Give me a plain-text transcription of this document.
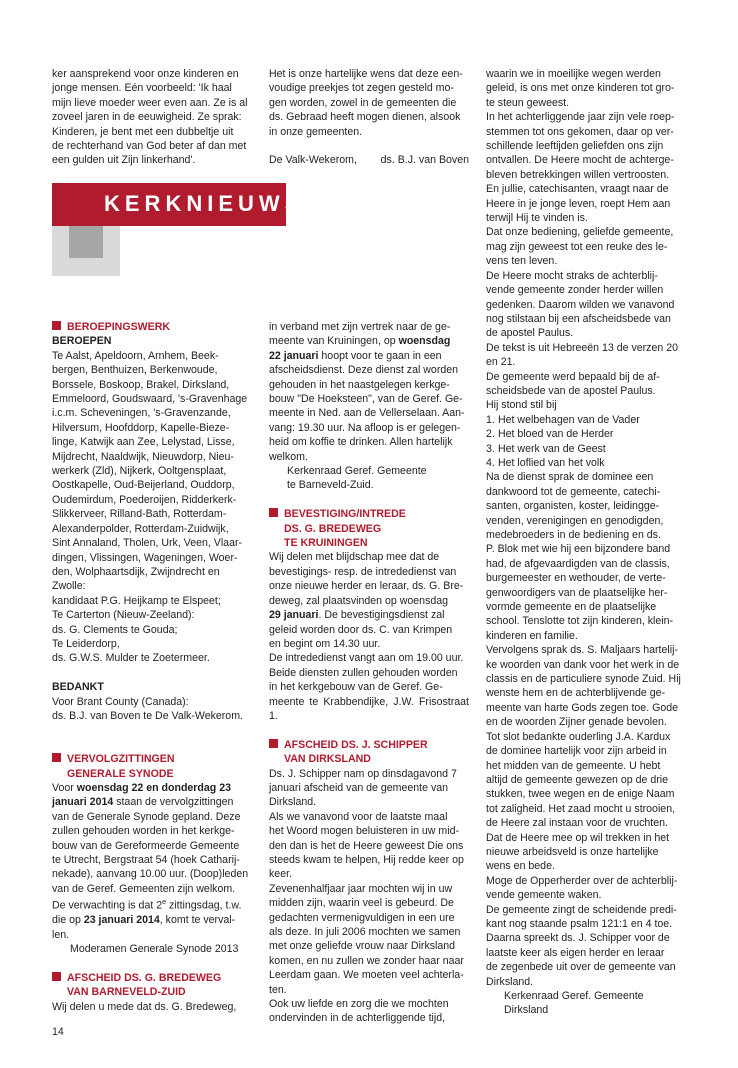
KERKNIEUWS

ker aansprekend voor onze kinderen en

jonge mensen. Eén voorbeeld: 'Ik haal

mijn lieve moeder weer even aan. Ze is al

zoveel jaren in de eeuwigheid. Ze sprak:

Kinderen, je bent met een dubbeltje uit

de rechterhand van God beter af dan met

een gulden uit Zijn linkerhand'.

BEROEPINGSWERK

BEROEPEN

Te Aalst, Apeldoorn, Arnhem, Beek-

bergen, Benthuizen, Berkenwoude,

Borssele, Boskoop, Brakel, Dirksland,

Emmeloord, Goudswaard, 's-Gravenhage

i.c.m. Scheveningen, 's-Gravenzande,

Hilversum, Hoofddorp, Kapelle-Bieze-

linge, Katwijk aan Zee, Lelystad, Lisse,

Mijdrecht, Naaldwijk, Nieuwdorp, Nieu-

werkerk (Zld), Nijkerk, Ooltgensplaat,

Oostkapelle, Oud-Beijerland, Ouddorp,

Oudemirdum, Poederoijen, Ridderkerk-

Slikkerveer, Rilland-Bath, Rotterdam-

Alexanderpolder, Rotterdam-Zuidwijk,

Sint Annaland, Tholen, Urk, Veen, Vlaar-

dingen, Vlissingen, Wageningen, Woer-

den, Wolphaartsdijk, Zwijndrecht en

Zwolle:

kandidaat P.G. Heijkamp te Elspeet;

Te Carterton (Nieuw-Zeeland):

ds. G. Clements te Gouda;

Te Leiderdorp,

ds. G.W.S. Mulder te Zoetermeer.

BEDANKT

Voor Brant County (Canada):

ds. B.J. van Boven te De Valk-Wekerom.

VERVOLGZITTINGEN
GENERALE SYNODE

Voor woensdag 22 en donderdag 23

januari 2014 staan de vervolgzittingen

van de Generale Synode gepland. Deze

zullen gehouden worden in het kerkge-

bouw van de Gereformeerde Gemeente

te Utrecht, Bergstraat 54 (hoek Catharij-

nekade), aanvang 10.00 uur. (Doop)leden

van de Geref. Gemeenten zijn welkom.

De verwachting is dat 2e zittingsdag, t.w.

die op 23 januari 2014, komt te verval-

len.

Moderamen Generale Synode 2013

AFSCHEID DS. G. BREDEWEG
VAN BARNEVELD-ZUID

Wij delen u mede dat ds. G. Bredeweg,

Het is onze hartelijke wens dat deze een-

voudige preekjes tot zegen gesteld mo-

gen worden, zowel in de gemeenten die

ds. Gebraad heeft mogen dienen, alsook

in onze gemeenten.

De Valk-Wekerom, ds. B.J. van Boven

in verband met zijn vertrek naar de ge-

meente van Kruiningen, op woensdag

22 januari hoopt voor te gaan in een

afscheidsdienst. Deze dienst zal worden

gehouden in het naastgelegen kerkge-

bouw "De Hoeksteen", van de Geref. Ge-

meente in Ned. aan de Vellerselaan. Aan-

vang: 19.30 uur. Na afloop is er gelegen-

heid om koffie te drinken. Allen hartelijk

welkom.

Kerkenraad Geref. Gemeente

te Barneveld-Zuid.

BEVESTIGING/INTREDE
DS. G. BREDEWEG
TE KRUININGEN

Wij delen met blijdschap mee dat de

bevestigings- resp. de intrededienst van

onze nieuwe herder en leraar, ds. G. Bre-

deweg, zal plaatsvinden op woensdag

29 januari. De bevestigingsdienst zal

geleid worden door ds. C. van Krimpen

en begint om 14.30 uur.

De intrededienst vangt aan om 19.00 uur.

Beide diensten zullen gehouden worden

in het kerkgebouw van de Geref. Ge-

meente te Krabbendijke, J.W. Frisostraat 1.

AFSCHEID DS. J. SCHIPPER
VAN DIRKSLAND

Ds. J. Schipper nam op dinsdagavond 7

januari afscheid van de gemeente van

Dirksland.

Als we vanavond voor de laatste maal

het Woord mogen beluisteren in uw mid-

den dan is het de Heere geweest Die ons

steeds kwam te helpen, Hij redde keer op

keer.

Zevenenhalfjaar jaar mochten wij in uw

midden zijn, waarin veel is gebeurd. De

gedachten vermenigvuldigen in een ure

als deze. In juli 2006 mochten we samen

met onze geliefde vrouw naar Dirksland

komen, en nu zullen we zonder haar naar

Leerdam gaan. We moeten veel achterla-

ten.

Ook uw liefde en zorg die we mochten

ondervinden in de achterliggende tijd,

waarin we in moeilijke wegen werden

geleid, is ons met onze kinderen tot gro-

te steun geweest.

In het achterliggende jaar zijn vele roep-

stemmen tot ons gekomen, daar op ver-

schillende leeftijden geliefden ons zijn

ontvallen. De Heere mocht de achterge-

bleven betrekkingen willen vertroosten.

En jullie, catechisanten, vraagt naar de

Heere in je jonge leven, roept Hem aan

terwijl Hij te vinden is.

Dat onze bediening, geliefde gemeente,

mag zijn geweest tot een reuke des le-

vens ten leven.

De Heere mocht straks de achterblij-

vende gemeente zonder herder willen

gedenken. Daarom wilden we vanavond

nog stilstaan bij een afscheidsbede van

de apostel Paulus.

De tekst is uit Hebreeën 13 de verzen 20

en 21.

De gemeente werd bepaald bij de af-

scheidsbede van de apostel Paulus.

Hij stond stil bij

1. Het welbehagen van de Vader
2. Het bloed van de Herder
3. Het werk van de Geest
4. Het loflied van het volk

Na de dienst sprak de dominee een

dankwoord tot de gemeente, catechi-

santen, organisten, koster, leidingge-

venden, verenigingen en genodigden,

medebroeders in de bediening en ds.

P. Blok met wie hij een bijzondere band

had, de afgevaardigden van de classis,

burgemeester en wethouder, de verte-

genwoordigers van de plaatselijke her-

vormde gemeente en de plaatselijke

school. Tenslotte tot zijn kinderen, klein-

kinderen en familie.

Vervolgens sprak ds. S. Maljaars hartelij-

ke woorden van dank voor het werk in de

classis en de particuliere synode Zuid. Hij

wenste hem en de achterblijvende ge-

meente van harte Gods zegen toe. Gode

en de woorden Zijner genade bevolen.

Tot slot bedankte ouderling J.A. Kardux

de dominee hartelijk voor zijn arbeid in

het midden van de gemeente. U hebt

altijd de gemeente gewezen op de drie

stukken, twee wegen en de enige Naam

tot zaligheid. Het zaad mocht u strooien,

de Heere zal instaan voor de vruchten.

Dat de Heere mee op wil trekken in het

nieuwe arbeidsveld is onze hartelijke

wens en bede.

Moge de Opperherder over de achterblij-

vende gemeente waken.

De gemeente zingt de scheidende predi-

kant nog staande psalm 121:1 en 4 toe.

Daarna spreekt ds. J. Schipper voor de

laatste keer als eigen herder en leraar

de zegenbede uit over de gemeente van

Dirksland.

Kerkenraad Geref. Gemeente

Dirksland

14
